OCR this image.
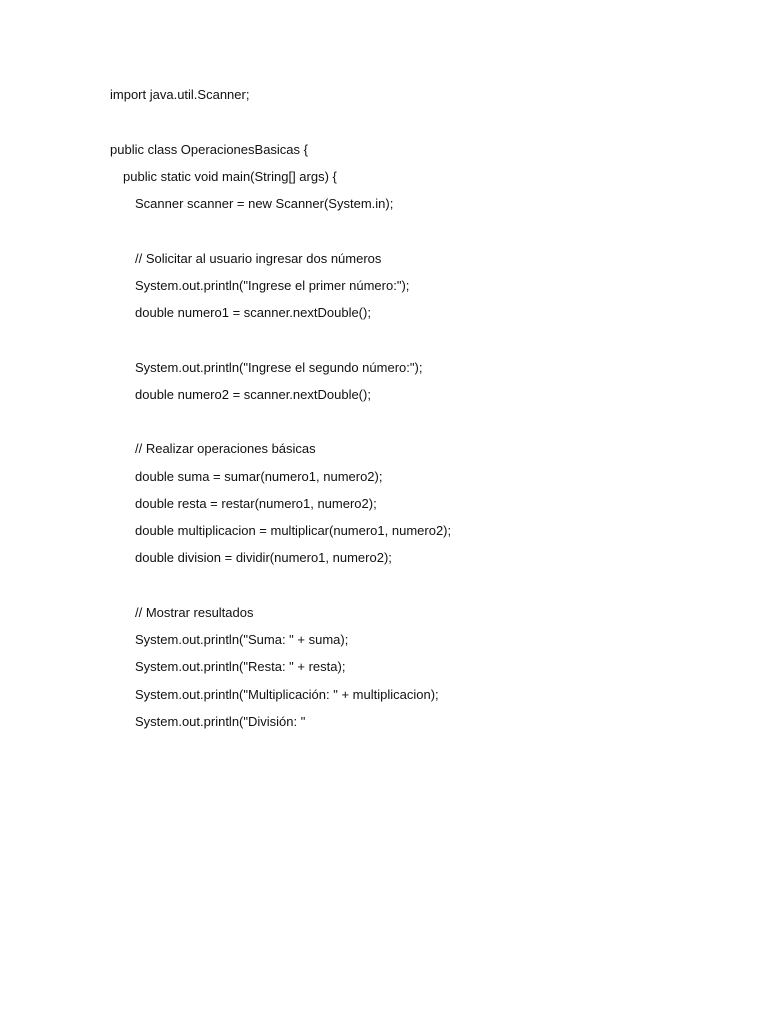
import java.util.Scanner;
public class OperacionesBasicas {
public static void main(String[] args) {
Scanner scanner = new Scanner(System.in);
// Solicitar al usuario ingresar dos números
System.out.println("Ingrese el primer número:");
double numero1 = scanner.nextDouble();
System.out.println("Ingrese el segundo número:");
double numero2 = scanner.nextDouble();
// Realizar operaciones básicas
double suma = sumar(numero1, numero2);
double resta = restar(numero1, numero2);
double multiplicacion = multiplicar(numero1, numero2);
double division = dividir(numero1, numero2);
// Mostrar resultados
System.out.println("Suma: " + suma);
System.out.println("Resta: " + resta);
System.out.println("Multiplicación: " + multiplicacion);
System.out.println("División: "
